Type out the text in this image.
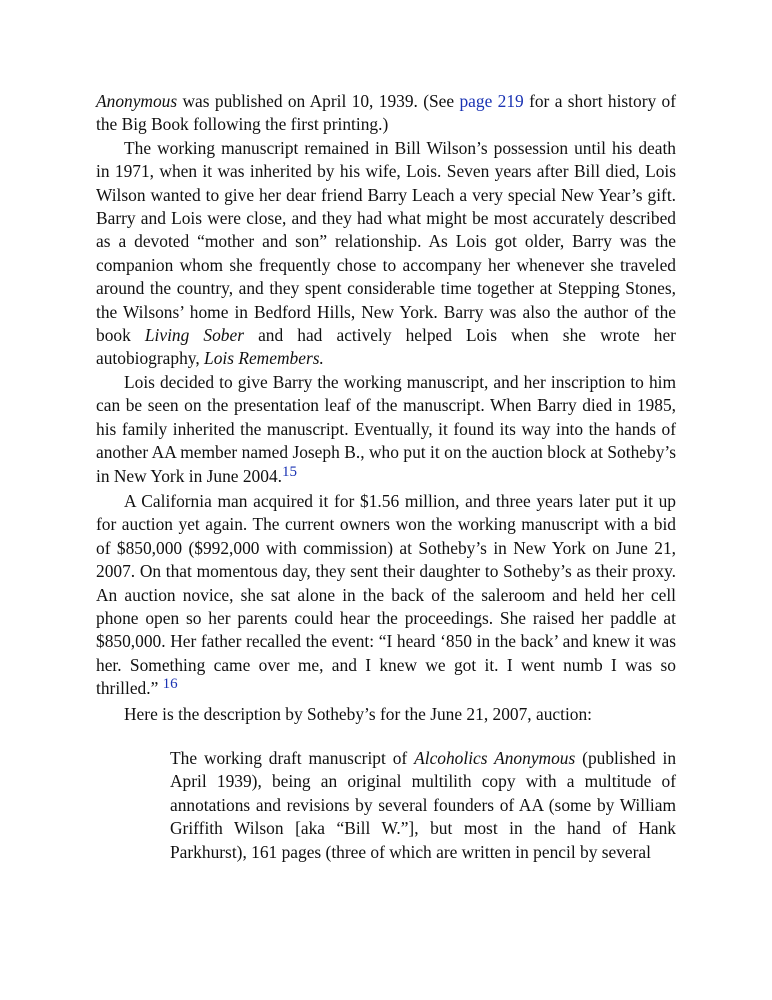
Anonymous was published on April 10, 1939. (See page 219 for a short history of the Big Book following the first printing.)

The working manuscript remained in Bill Wilson’s possession until his death in 1971, when it was inherited by his wife, Lois. Seven years after Bill died, Lois Wilson wanted to give her dear friend Barry Leach a very special New Year’s gift. Barry and Lois were close, and they had what might be most accurately described as a devoted “mother and son” relationship. As Lois got older, Barry was the companion whom she frequently chose to accompany her whenever she traveled around the country, and they spent considerable time together at Stepping Stones, the Wilsons’ home in Bedford Hills, New York. Barry was also the author of the book Living Sober and had actively helped Lois when she wrote her autobiography, Lois Remembers.

Lois decided to give Barry the working manuscript, and her inscription to him can be seen on the presentation leaf of the manuscript. When Barry died in 1985, his family inherited the manuscript. Eventually, it found its way into the hands of another AA member named Joseph B., who put it on the auction block at Sotheby’s in New York in June 2004.15

A California man acquired it for $1.56 million, and three years later put it up for auction yet again. The current owners won the working manuscript with a bid of $850,000 ($992,000 with commission) at Sotheby’s in New York on June 21, 2007. On that momentous day, they sent their daughter to Sotheby’s as their proxy. An auction novice, she sat alone in the back of the saleroom and held her cell phone open so her parents could hear the proceedings. She raised her paddle at $850,000. Her father recalled the event: “I heard ‘850 in the back’ and knew it was her. Something came over me, and I knew we got it. I went numb I was so thrilled.” $^{16}$

Here is the description by Sotheby’s for the June 21, 2007, auction:

The working draft manuscript of Alcoholics Anonymous (published in April 1939), being an original multilith copy with a multitude of annotations and revisions by several founders of AA (some by William Griffith Wilson [aka “Bill W.”], but most in the hand of Hank Parkhurst), 161 pages (three of which are written in pencil by several
